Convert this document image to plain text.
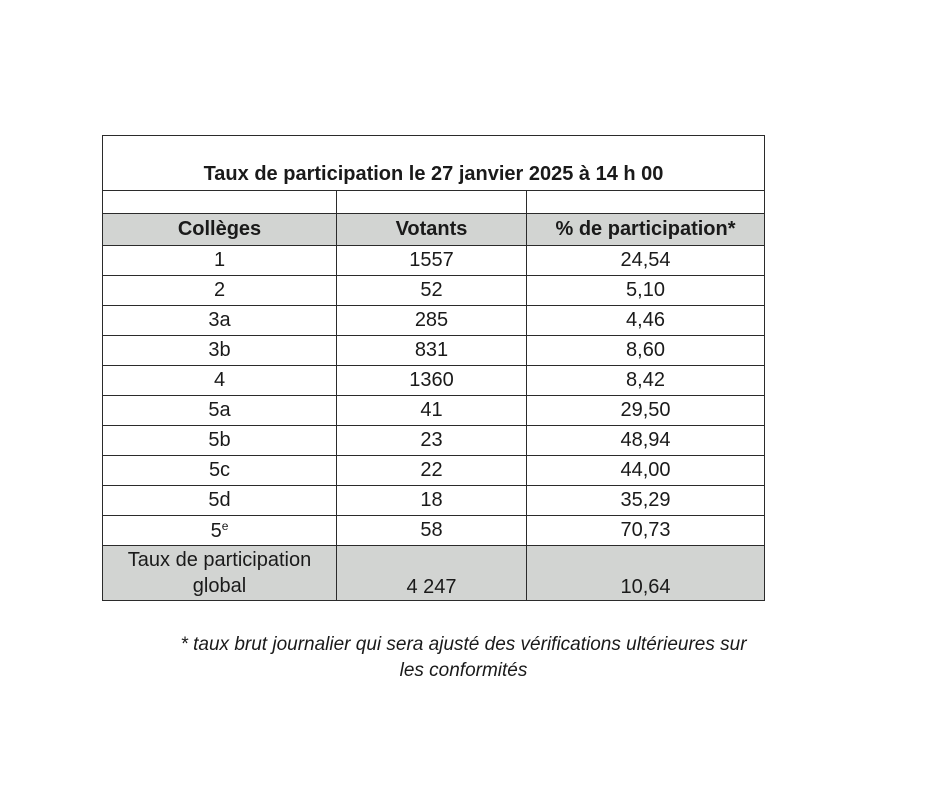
Taux de participation le 27 janvier 2025 à 14 h 00		

Collèges	Votants	% de participation*
1	1557	24,54
2	52	5,10
3a	285	4,46
3b	831	8,60
4	1360	8,42
5a	41	29,50
5b	23	48,94
5c	22	44,00
5d	18	35,29
5e	58	70,73

Taux de participation
global	4 247	10,64
* taux brut journalier qui sera ajusté des vérifications ultérieures sur
les conformités
